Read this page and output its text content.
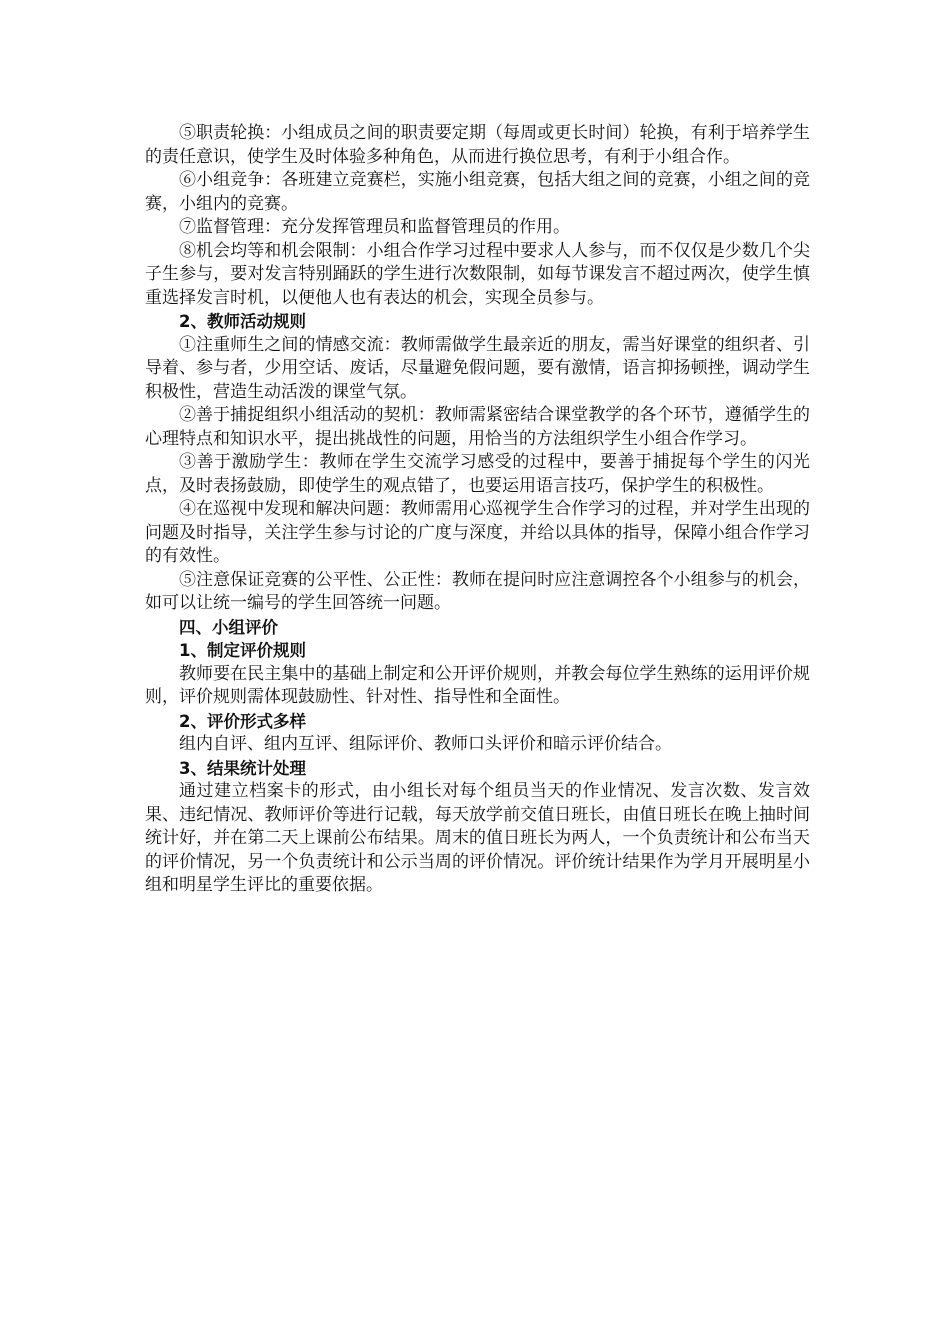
⑤职责轮换：小组成员之间的职责要定期（每周或更长时间）轮换，有利于培养学生的责任意识，使学生及时体验多种角色，从而进行换位思考，有利于小组合作。

⑥小组竞争：各班建立竞赛栏，实施小组竞赛，包括大组之间的竞赛，小组之间的竞赛，小组内的竞赛。

⑦监督管理：充分发挥管理员和监督管理员的作用。

⑧机会均等和机会限制：小组合作学习过程中要求人人参与，而不仅仅是少数几个尖子生参与，要对发言特别踊跃的学生进行次数限制，如每节课发言不超过两次，使学生慎重选择发言时机，以便他人也有表达的机会，实现全员参与。

2、教师活动规则

①注重师生之间的情感交流：教师需做学生最亲近的朋友，需当好课堂的组织者、引导着、参与者，少用空话、废话，尽量避免假问题，要有激情，语言抑扬顿挫，调动学生积极性，营造生动活泼的课堂气氛。

②善于捕捉组织小组活动的契机：教师需紧密结合课堂教学的各个环节，遵循学生的心理特点和知识水平，提出挑战性的问题，用恰当的方法组织学生小组合作学习。

③善于激励学生：教师在学生交流学习感受的过程中，要善于捕捉每个学生的闪光点，及时表扬鼓励，即使学生的观点错了，也要运用语言技巧，保护学生的积极性。

④在巡视中发现和解决问题：教师需用心巡视学生合作学习的过程，并对学生出现的问题及时指导，关注学生参与讨论的广度与深度，并给以具体的指导，保障小组合作学习的有效性。

⑤注意保证竞赛的公平性、公正性：教师在提问时应注意调控各个小组参与的机会，如可以让统一编号的学生回答统一问题。

四、小组评价

1、制定评价规则

教师要在民主集中的基础上制定和公开评价规则，并教会每位学生熟练的运用评价规则，评价规则需体现鼓励性、针对性、指导性和全面性。

2、评价形式多样

组内自评、组内互评、组际评价、教师口头评价和暗示评价结合。

3、结果统计处理

通过建立档案卡的形式，由小组长对每个组员当天的作业情况、发言次数、发言效果、违纪情况、教师评价等进行记载，每天放学前交值日班长，由值日班长在晚上抽时间统计好，并在第二天上课前公布结果。周末的值日班长为两人，一个负责统计和公布当天的评价情况，另一个负责统计和公示当周的评价情况。评价统计结果作为学月开展明星小组和明星学生评比的重要依据。
